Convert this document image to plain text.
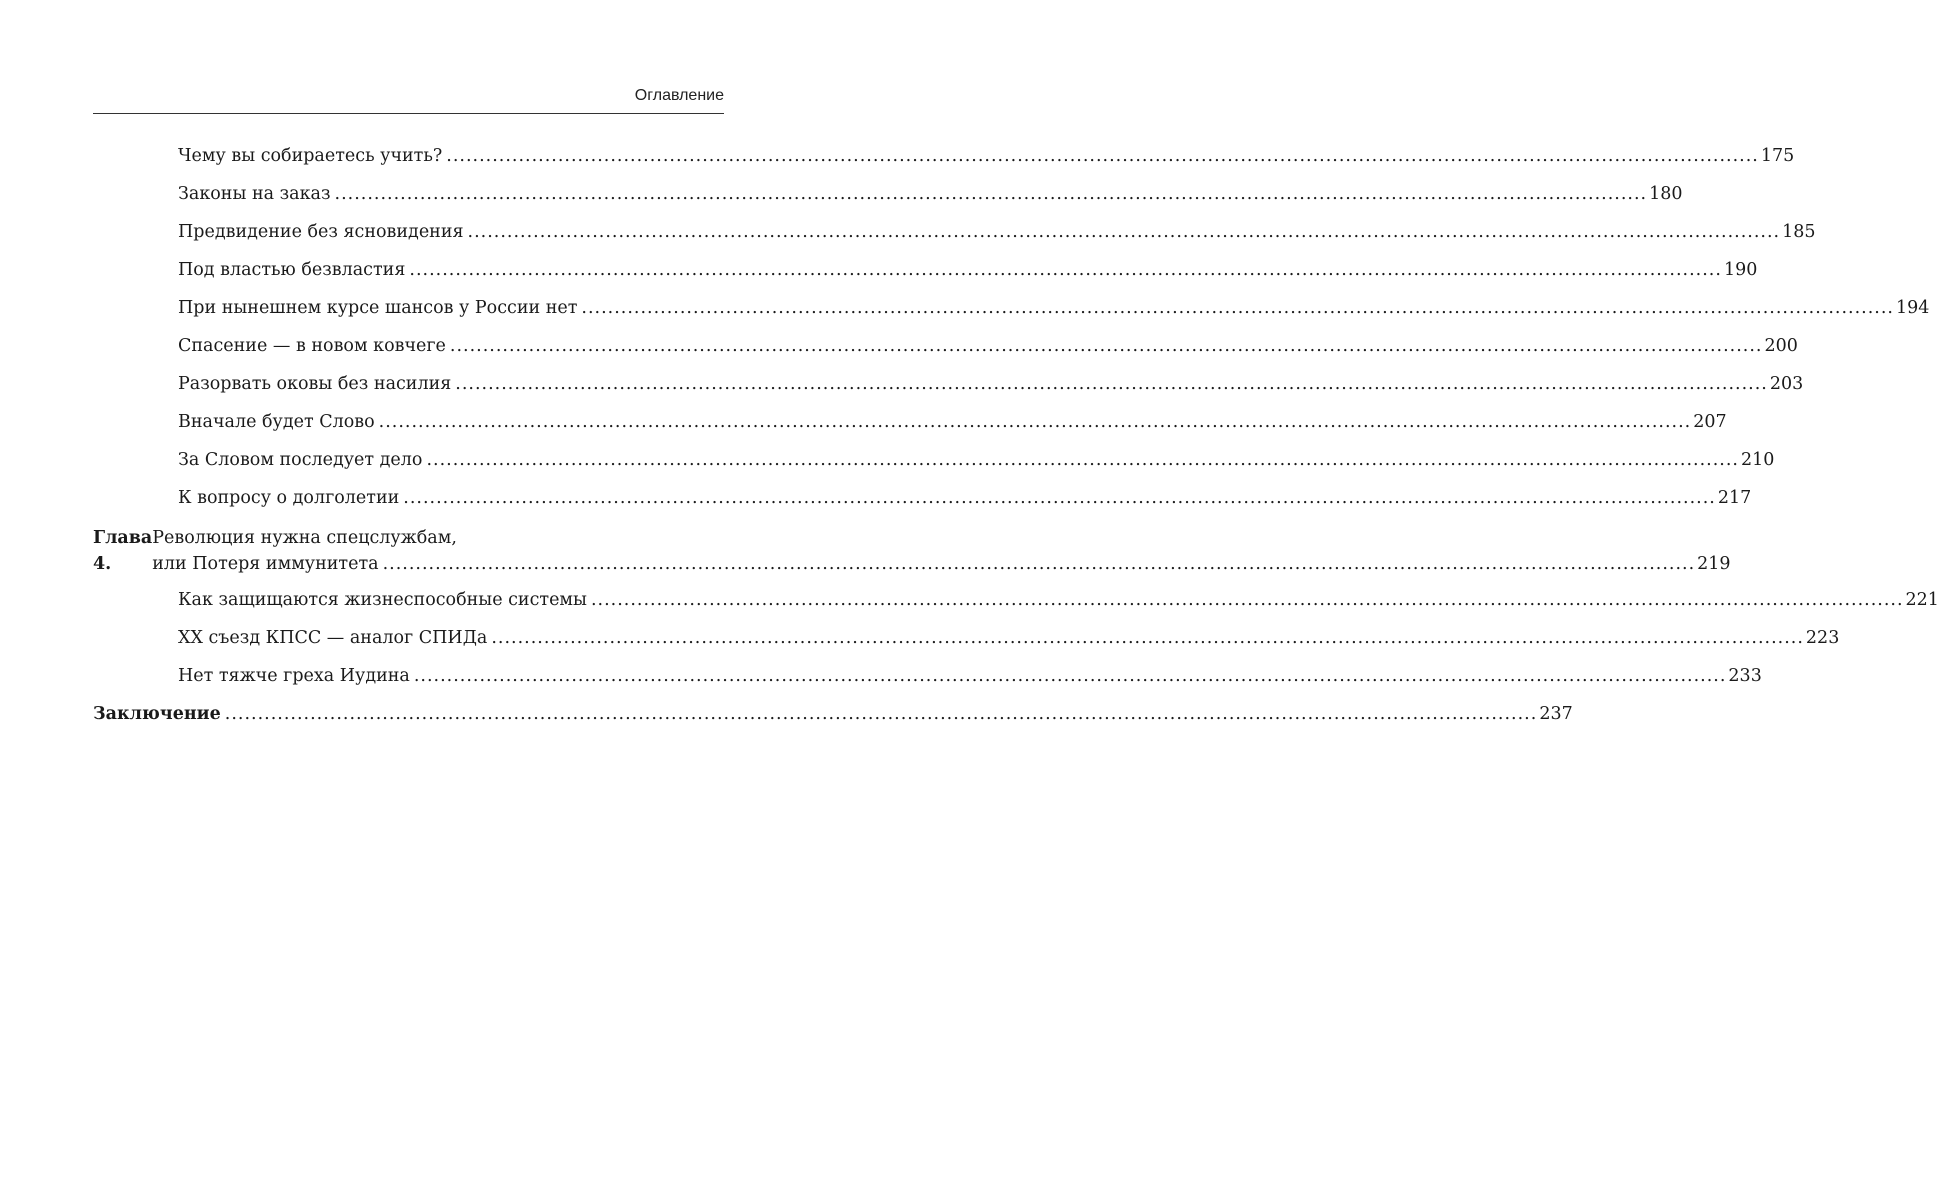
Оглавление
Чему вы собираетесь учить? .....	175
Законы на заказ .....	180
Предвидение без ясновидения .....	185
Под властью безвластия .....	190
При нынешнем курсе шансов у России нет .....	194
Спасение — в новом ковчеге .....	200
Разорвать оковы без насилия .....	203
Вначале будет Слово .....	207
За Словом последует дело .....	210
К вопросу о долголетии .....	217
Глава 4.
Революция нужна спецслужбам,
или Потеря иммунитета .....	219
Как защищаются жизнеспособные системы .....	221
XX съезд КПСС — аналог СПИДа .....	223
Нет тяжче греха Иудина .....	233
Заключение .....	237
